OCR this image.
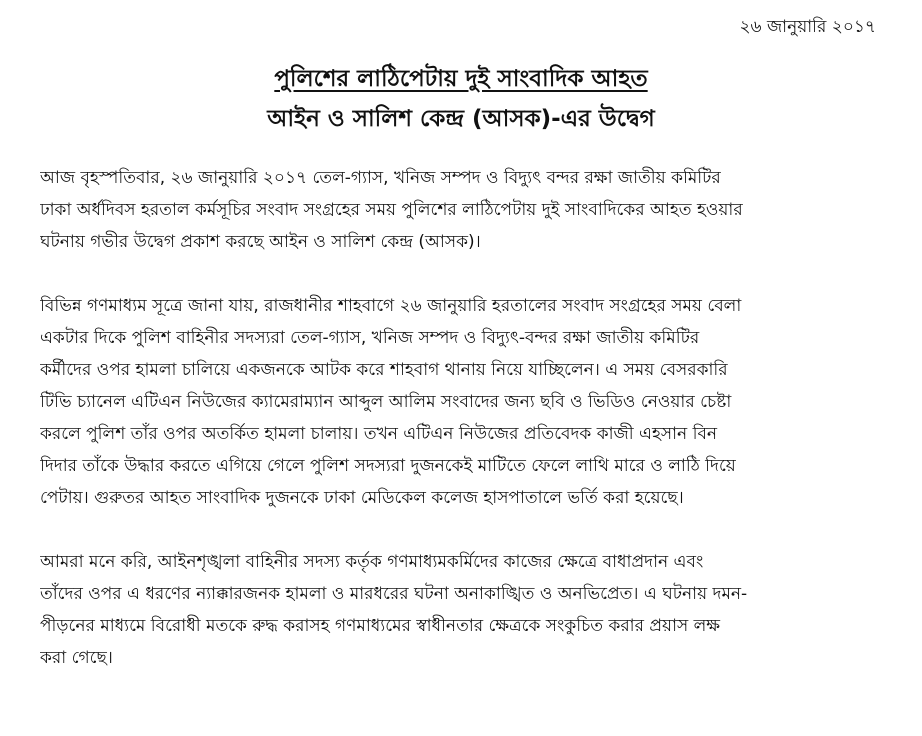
২৬ জানুয়ারি ২০১৭
পুলিশের লাঠিপেটায় দুই সাংবাদিক আহত
আইন ও সালিশ কেন্দ্র (আসক)-এর উদ্বেগ
আজ বৃহস্পতিবার, ২৬ জানুয়ারি ২০১৭ তেল-গ্যাস, খনিজ সম্পদ ও বিদ্যুৎ বন্দর রক্ষা জাতীয় কমিটির
ঢাকা অর্ধদিবস হরতাল কর্মসূচির সংবাদ সংগ্রহের সময় পুলিশের লাঠিপেটায় দুই সাংবাদিকের আহত হওয়ার
ঘটনায় গভীর উদ্বেগ প্রকাশ করছে আইন ও সালিশ কেন্দ্র (আসক)।
বিভিন্ন গণমাধ্যম সূত্রে জানা যায়, রাজধানীর শাহবাগে ২৬ জানুয়ারি হরতালের সংবাদ সংগ্রহের সময় বেলা
একটার দিকে পুলিশ বাহিনীর সদস্যরা তেল-গ্যাস, খনিজ সম্পদ ও বিদ্যুৎ-বন্দর রক্ষা জাতীয় কমিটির
কর্মীদের ওপর হামলা চালিয়ে একজনকে আটক করে শাহবাগ থানায় নিয়ে যাচ্ছিলেন। এ সময় বেসরকারি
টিভি চ্যানেল এটিএন নিউজের ক্যামেরাম্যান আব্দুল আলিম সংবাদের জন্য ছবি ও ভিডিও নেওয়ার চেষ্টা
করলে পুলিশ তাঁর ওপর অতর্কিত হামলা চালায়। তখন এটিএন নিউজের প্রতিবেদক কাজী এহসান বিন
দিদার তাঁকে উদ্ধার করতে এগিয়ে গেলে পুলিশ সদস্যরা দুজনকেই মাটিতে ফেলে লাথি মারে ও লাঠি দিয়ে
পেটায়। গুরুতর আহত সাংবাদিক দুজনকে ঢাকা মেডিকেল কলেজ হাসপাতালে ভর্তি করা হয়েছে।
আমরা মনে করি, আইনশৃঙ্খলা বাহিনীর সদস্য কর্তৃক গণমাধ্যমকর্মিদের কাজের ক্ষেত্রে বাধাপ্রদান এবং
তাঁদের ওপর এ ধরণের ন্যাক্কারজনক হামলা ও মারধরের ঘটনা অনাকাঙ্খিত ও অনভিপ্রেত। এ ঘটনায় দমন-
পীড়নের মাধ্যমে বিরোধী মতকে রুদ্ধ করাসহ গণমাধ্যমের স্বাধীনতার ক্ষেত্রকে সংকুচিত করার প্রয়াস লক্ষ
করা গেছে।
